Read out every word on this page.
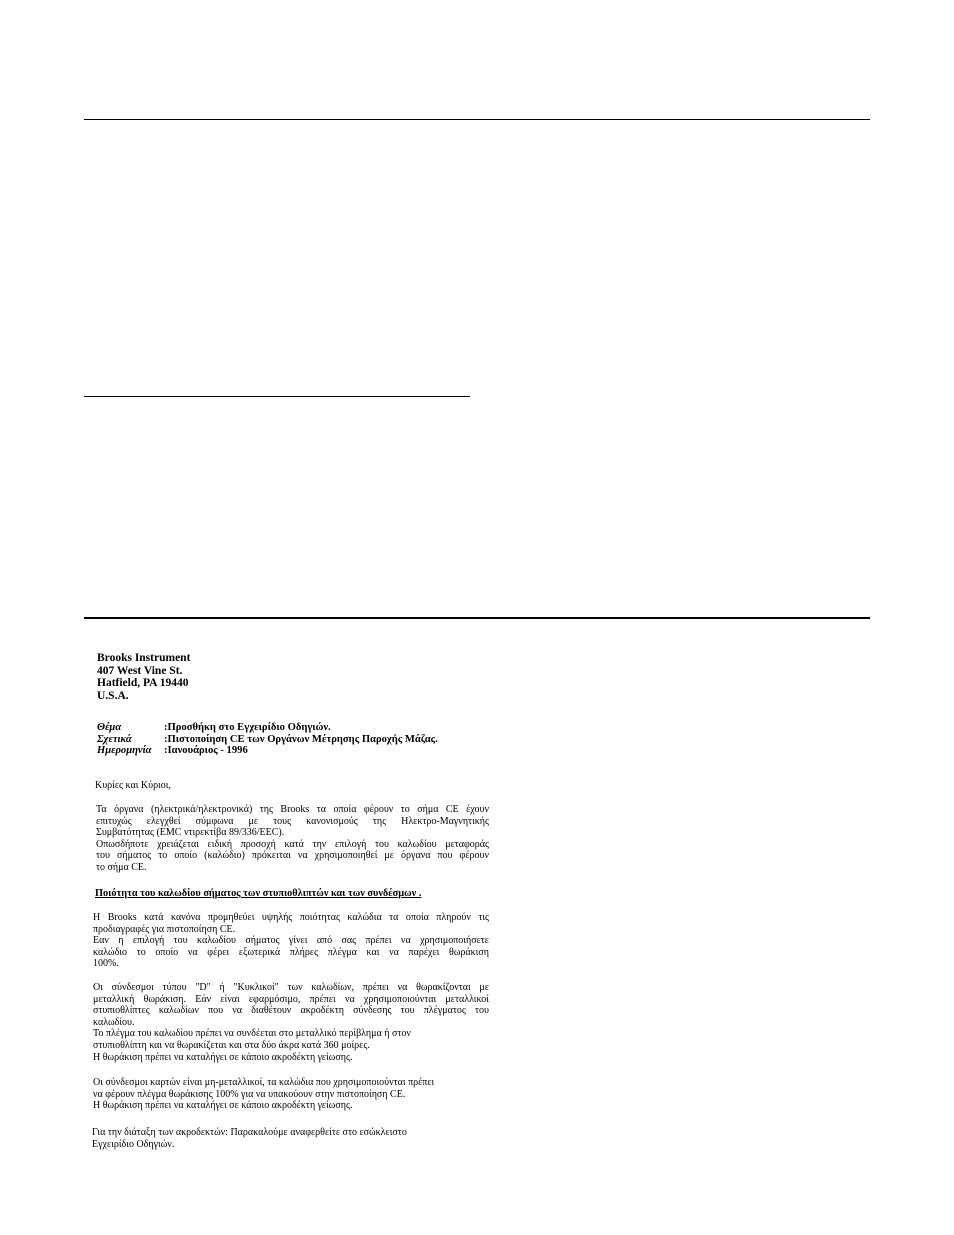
Brooks Instrument
407 West Vine St.
Hatfield, PA 19440
U.S.A.
Θέμα	:Προσθήκη στο Εγχειρίδιο Οδηγιών.
Σχετικά	:Πιστοποίηση CE των Οργάνων Μέτρησης Παροχής Μάζας.
Ημερομηνία	:Ιανουάριος - 1996
Κυρίες και Κύριοι,
Τα όργανα (ηλεκτρικά/ηλεκτρονικά) της Brooks τα οποία φέρουν το σήμα CE έχουν
επιτυχώς ελεγχθεί σύμφωνα με τους κανονισμούς της Ηλεκτρο-Μαγνητικής
Συμβατότητας (EMC ντιρεκτίβα 89/336/EEC).
Οπωσδήποτε χρειάζεται ειδική προσοχή κατά την επιλογή του καλωδίου μεταφοράς
του σήματος το οποίο (καλώδιο) πρόκειται να χρησιμοποιηθεί με όργανα που φέρουν
το σήμα CE.
Ποιότητα του καλωδίου σήματος των στυπιοθλιπτών και των συνδέσμων .
Η Brooks κατά κανόνα προμηθεύει υψηλής ποιότητας καλώδια τα οποία πληρούν τις
προδιαγραφές για πιστοποίηση CE.
Εαν η επιλογή του καλωδίου σήματος γίνει από σας πρέπει να χρησιμοποιήσετε
καλώδιο το οποίο να φέρει εξωτερικά πλήρες πλέγμα και να παρέχει θωράκιση
100%.
Οι σύνδεσμοι τύπου "D" ή "Κυκλικοί" των καλωδίων, πρέπει να θωρακίζονται με
μεταλλική θωράκιση. Εάν είναι εφαρμόσιμο, πρέπει να χρησιμοποιούνται μεταλλικοί
στυπιοθλίπτες καλωδίων που να διαθέτουν ακροδέκτη σύνδεσης του πλέγματος του
καλωδίου.
Το πλέγμα του καλωδίου πρέπει να συνδέεται στο μεταλλικό περίβλημα ή στον
στυπιοθλίπτη και να θωρακίζεται και στα δύο άκρα κατά 360 μοίρες.
Η θωράκιση πρέπει να καταλήγει σε κάποιο ακροδέκτη γείωσης.
Οι σύνδεσμοι καρτών είναι μη-μεταλλικοί, τα καλώδια που χρησιμοποιούνται πρέπει
να φέρουν πλέγμα θωράκισης 100% για να υπακούουν στην πιστοποίηση CE.
Η θωράκιση πρέπει να καταλήγει σε κάποιο ακροδέκτη γείωσης.
Για την διάταξη των ακροδεκτών: Παρακαλούμε αναφερθείτε στο εσώκλειστο
Εγχειρίδιο Οδηγιών.
